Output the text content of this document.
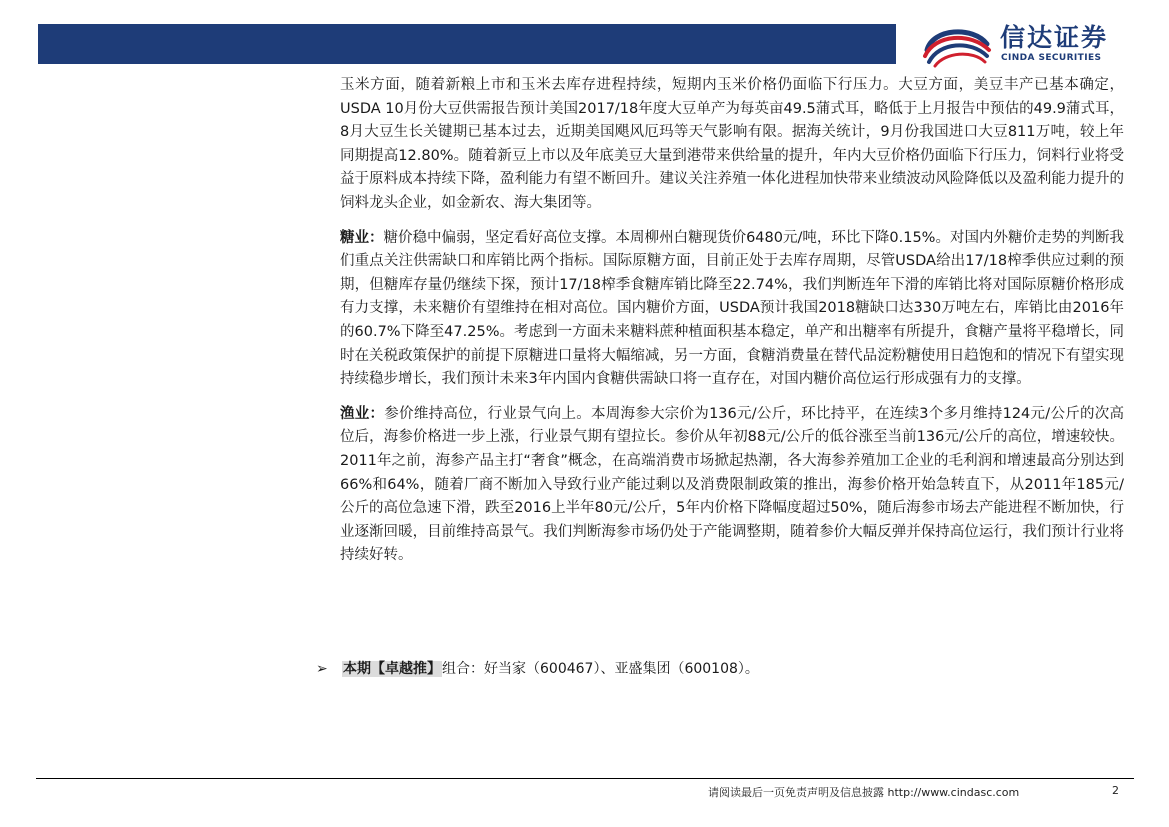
信达证券
CINDA SECURITIES

玉米方面，随着新粮上市和玉米去库存进程持续，短期内玉米价格仍面临下行压力。大豆方面，美豆丰产已基本确定，USDA 10月份大豆供需报告预计美国2017/18年度大豆单产为每英亩49.5蒲式耳，略低于上月报告中预估的49.9蒲式耳，8月大豆生长关键期已基本过去，近期美国飓风厄玛等天气影响有限。据海关统计，9月份我国进口大豆811万吨，较上年同期提高12.80%。随着新豆上市以及年底美豆大量到港带来供给量的提升，年内大豆价格仍面临下行压力，饲料行业将受益于原料成本持续下降，盈利能力有望不断回升。建议关注养殖一体化进程加快带来业绩波动风险降低以及盈利能力提升的饲料龙头企业，如金新农、海大集团等。

糖业：糖价稳中偏弱，坚定看好高位支撑。本周柳州白糖现货价6480元/吨，环比下降0.15%。对国内外糖价走势的判断我们重点关注供需缺口和库销比两个指标。国际原糖方面，目前正处于去库存周期，尽管USDA给出17/18榨季供应过剩的预期，但糖库存量仍继续下探，预计17/18榨季食糖库销比降至22.74%，我们判断连年下滑的库销比将对国际原糖价格形成有力支撑，未来糖价有望维持在相对高位。国内糖价方面，USDA预计我国2018糖缺口达330万吨左右，库销比由2016年的60.7%下降至47.25%。考虑到一方面未来糖料蔗种植面积基本稳定，单产和出糖率有所提升，食糖产量将平稳增长，同时在关税政策保护的前提下原糖进口量将大幅缩减，另一方面，食糖消费量在替代品淀粉糖使用日趋饱和的情况下有望实现持续稳步增长，我们预计未来3年内国内食糖供需缺口将一直存在，对国内糖价高位运行形成强有力的支撑。

渔业：参价维持高位，行业景气向上。本周海参大宗价为136元/公斤，环比持平，在连续3个多月维持124元/公斤的次高位后，海参价格进一步上涨，行业景气期有望拉长。参价从年初88元/公斤的低谷涨至当前136元/公斤的高位，增速较快。2011年之前，海参产品主打“奢食”概念，在高端消费市场掀起热潮，各大海参养殖加工企业的毛利润和增速最高分别达到66%和64%，随着厂商不断加入导致行业产能过剩以及消费限制政策的推出，海参价格开始急转直下，从2011年185元/公斤的高位急速下滑，跌至2016上半年80元/公斤，5年内价格下降幅度超过50%，随后海参市场去产能进程不断加快，行业逐渐回暖，目前维持高景气。我们判断海参市场仍处于产能调整期，随着参价大幅反弹并保持高位运行，我们预计行业将持续好转。

➢ 本期【卓越推】组合：好当家（600467）、亚盛集团（600108）。
请阅读最后一页免责声明及信息披露 http://www.cindasc.com	2
